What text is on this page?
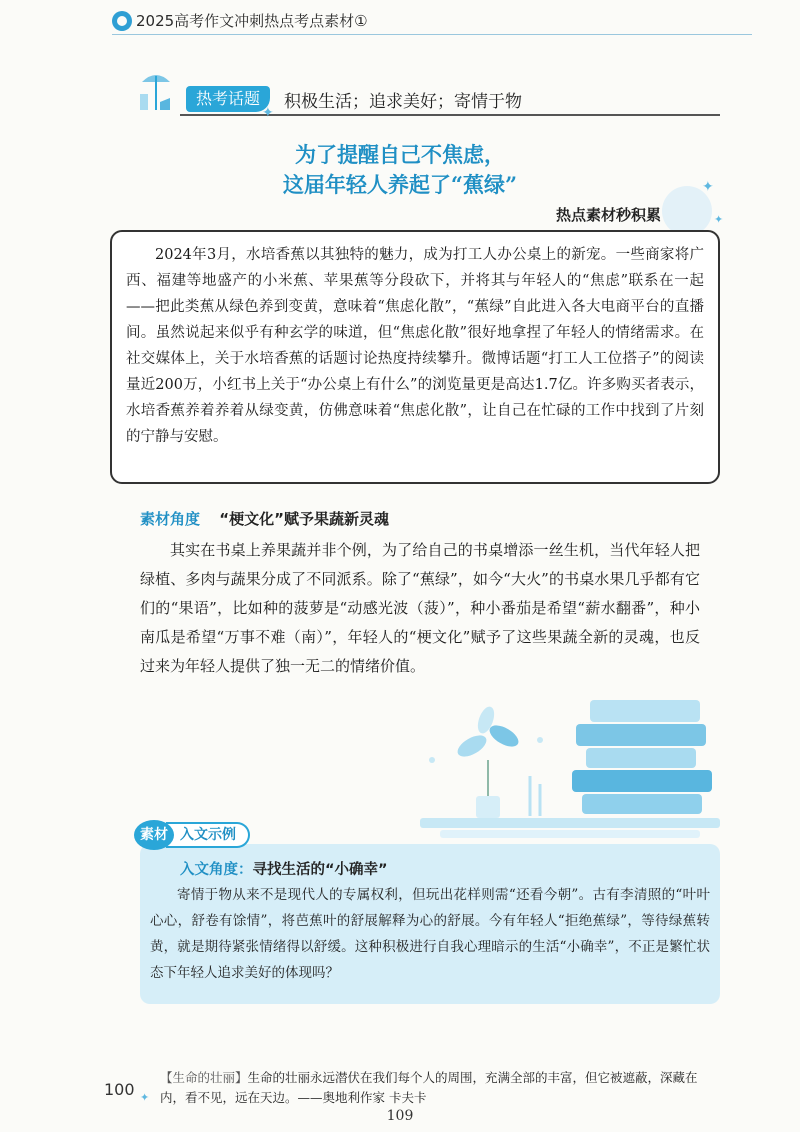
2025高考作文冲刺热点考点素材①
热考话题	积极生活；追求美好；寄情于物
✦
为了提醒自己不焦虑，
这届年轻人养起了“蕉绿”	✦
✦
热点素材秒积累

2024年3月，水培香蕉以其独特的魅力，成为打工人办公桌上的新宠。一些商家将广西、福建等地盛产的小米蕉、苹果蕉等分段砍下，并将其与年轻人的“焦虑”联系在一起——把此类蕉从绿色养到变黄，意味着“焦虑化散”，“蕉绿”自此进入各大电商平台的直播间。虽然说起来似乎有种玄学的味道，但“焦虑化散”很好地拿捏了年轻人的情绪需求。在社交媒体上，关于水培香蕉的话题讨论热度持续攀升。微博话题“打工人工位搭子”的阅读量近200万，小红书上关于“办公桌上有什么”的浏览量更是高达1.7亿。许多购买者表示，水培香蕉养着养着从绿变黄，仿佛意味着“焦虑化散”，让自己在忙碌的工作中找到了片刻的宁静与安慰。

素材角度 “梗文化”赋予果蔬新灵魂
其实在书桌上养果蔬并非个例，为了给自己的书桌增添一丝生机，当代年轻人把绿植、多肉与蔬果分成了不同派系。除了“蕉绿”，如今“大火”的书桌水果几乎都有它们的“果语”，比如种的菠萝是“动感光波（菠）”，种小番茄是希望“薪水翻番”，种小南瓜是希望“万事不难（南）”，年轻人的“梗文化”赋予了这些果蔬全新的灵魂，也反过来为年轻人提供了独一无二的情绪价值。
入文示例
素材
入文角度：寻找生活的“小确幸”
寄情于物从来不是现代人的专属权利，但玩出花样则需“还看今朝”。古有李清照的“叶叶心心，舒卷有馀情”，将芭蕉叶的舒展解释为心的舒展。今有年轻人“拒绝蕉绿”，等待绿蕉转黄，就是期待紧张情绪得以舒缓。这种积极进行自我心理暗示的生活“小确幸”，不正是繁忙状态下年轻人追求美好的体现吗？
100 ✦
【生命的壮丽】生命的壮丽永远潜伏在我们每个人的周围，充满全部的丰富，但它被遮蔽，深藏在内，看不见，远在天边。——奥地利作家 卡夫卡
109
